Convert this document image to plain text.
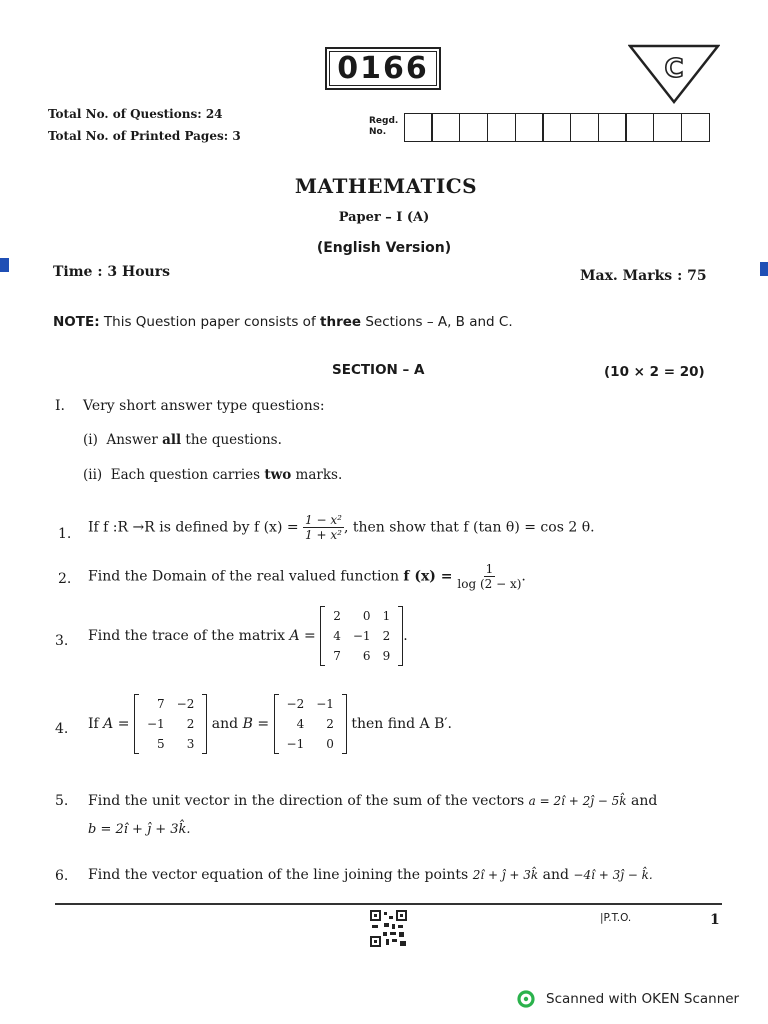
0166	C
Total No. of Questions: 24
Total No. of Printed Pages: 3
Regd.
No.
MATHEMATICS
Paper – I (A)
(English Version)
Time : 3 Hours	Max. Marks : 75
NOTE: This Question paper consists of three Sections – A, B and C.
SECTION – A	(10 × 2 = 20)
I. Very short answer type questions:
(i) Answer all the questions.
(ii) Each question carries two marks.
1. If f :R →R is defined by f $(x) = \frac{\text{1 − x²}}{\text{1 + x²}}$ , then show that f (tan θ) = cos 2 θ.
2. Find the Domain of the real valued function f $(x) = \frac{1}{\log (2 - x)}$ .
3. Find the trace of the matrix A =
2	0	1
4	−1	2
7	6	9
.
4. If A =
7	−2
−1	2
5	3
and B =
−2	−1
4	2
−1	0
then find A B′.
5. Find the unit vector in the direction of the sum of the vectors a = 2î + 2ĵ − 5k̂ and
b = 2î + ĵ + 3k̂.
6. Find the vector equation of the line joining the points 2î + ĵ + 3k̂ and −4î + 3ĵ − k̂.
|P.T.O.	1
Scanned with OKEN Scanner
